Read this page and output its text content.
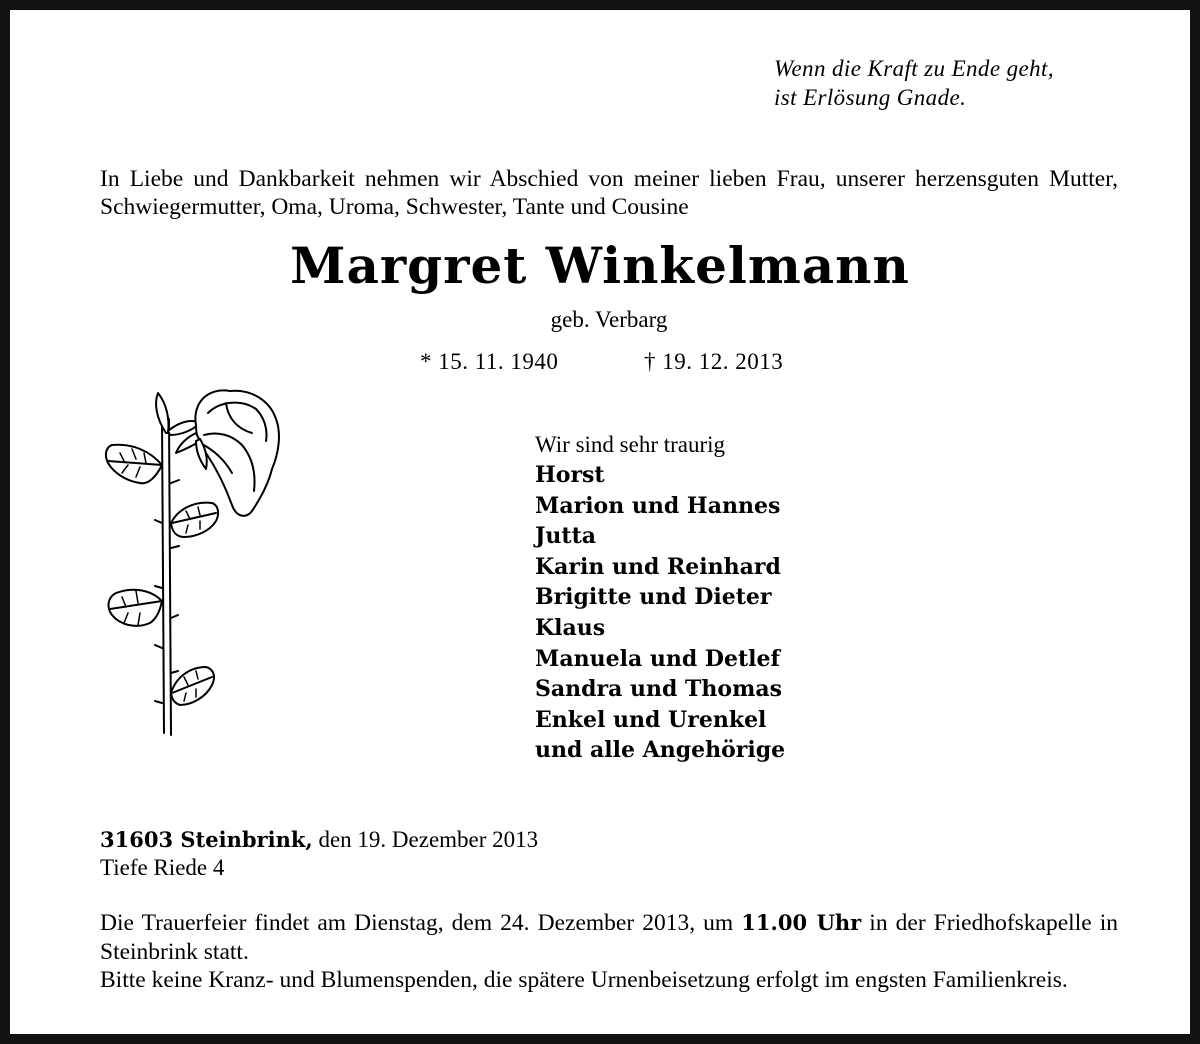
Wenn die Kraft zu Ende geht,
ist Erlösung Gnade.
In Liebe und Dankbarkeit nehmen wir Abschied von meiner lieben Frau, unserer herzensguten Mutter, Schwiegermutter, Oma, Uroma, Schwester, Tante und Cousine
Margret Winkelmann
geb. Verbarg
* 15. 11. 1940	† 19. 12. 2013
Wir sind sehr traurig
Horst
Marion und Hannes
Jutta
Karin und Reinhard
Brigitte und Dieter
Klaus
Manuela und Detlef
Sandra und Thomas
Enkel und Urenkel
und alle Angehörige
31603 Steinbrink, den 19. Dezember 2013
Tiefe Riede 4
Die Trauerfeier findet am Dienstag, dem 24. Dezember 2013, um 11.00 Uhr in der Friedhofskapelle in Steinbrink statt.
Bitte keine Kranz- und Blumenspenden, die spätere Urnenbeisetzung erfolgt im engsten Familienkreis.
